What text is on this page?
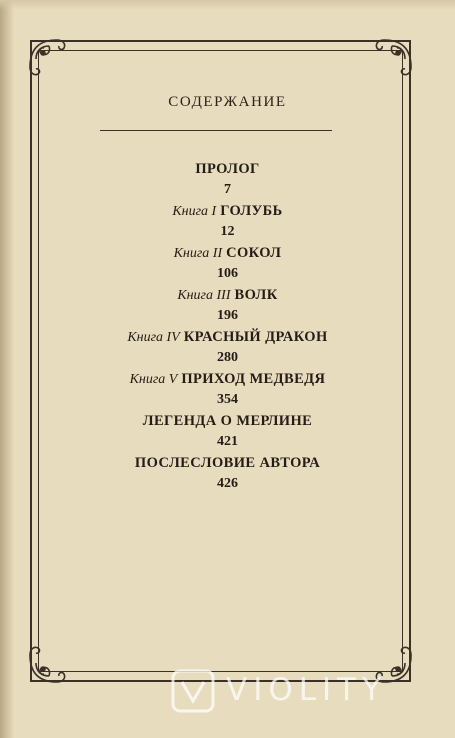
СОДЕРЖАНИЕ
ПРОЛОГ
7
Книга I ГОЛУБЬ
12
Книга II СОКОЛ
106
Книга III ВОЛК
196
Книга IV КРАСНЫЙ ДРАКОН
280
Книга V ПРИХОД МЕДВЕДЯ
354
ЛЕГЕНДА О МЕРЛИНЕ
421
ПОСЛЕСЛОВИЕ АВТОРА
426
VIOLITY
